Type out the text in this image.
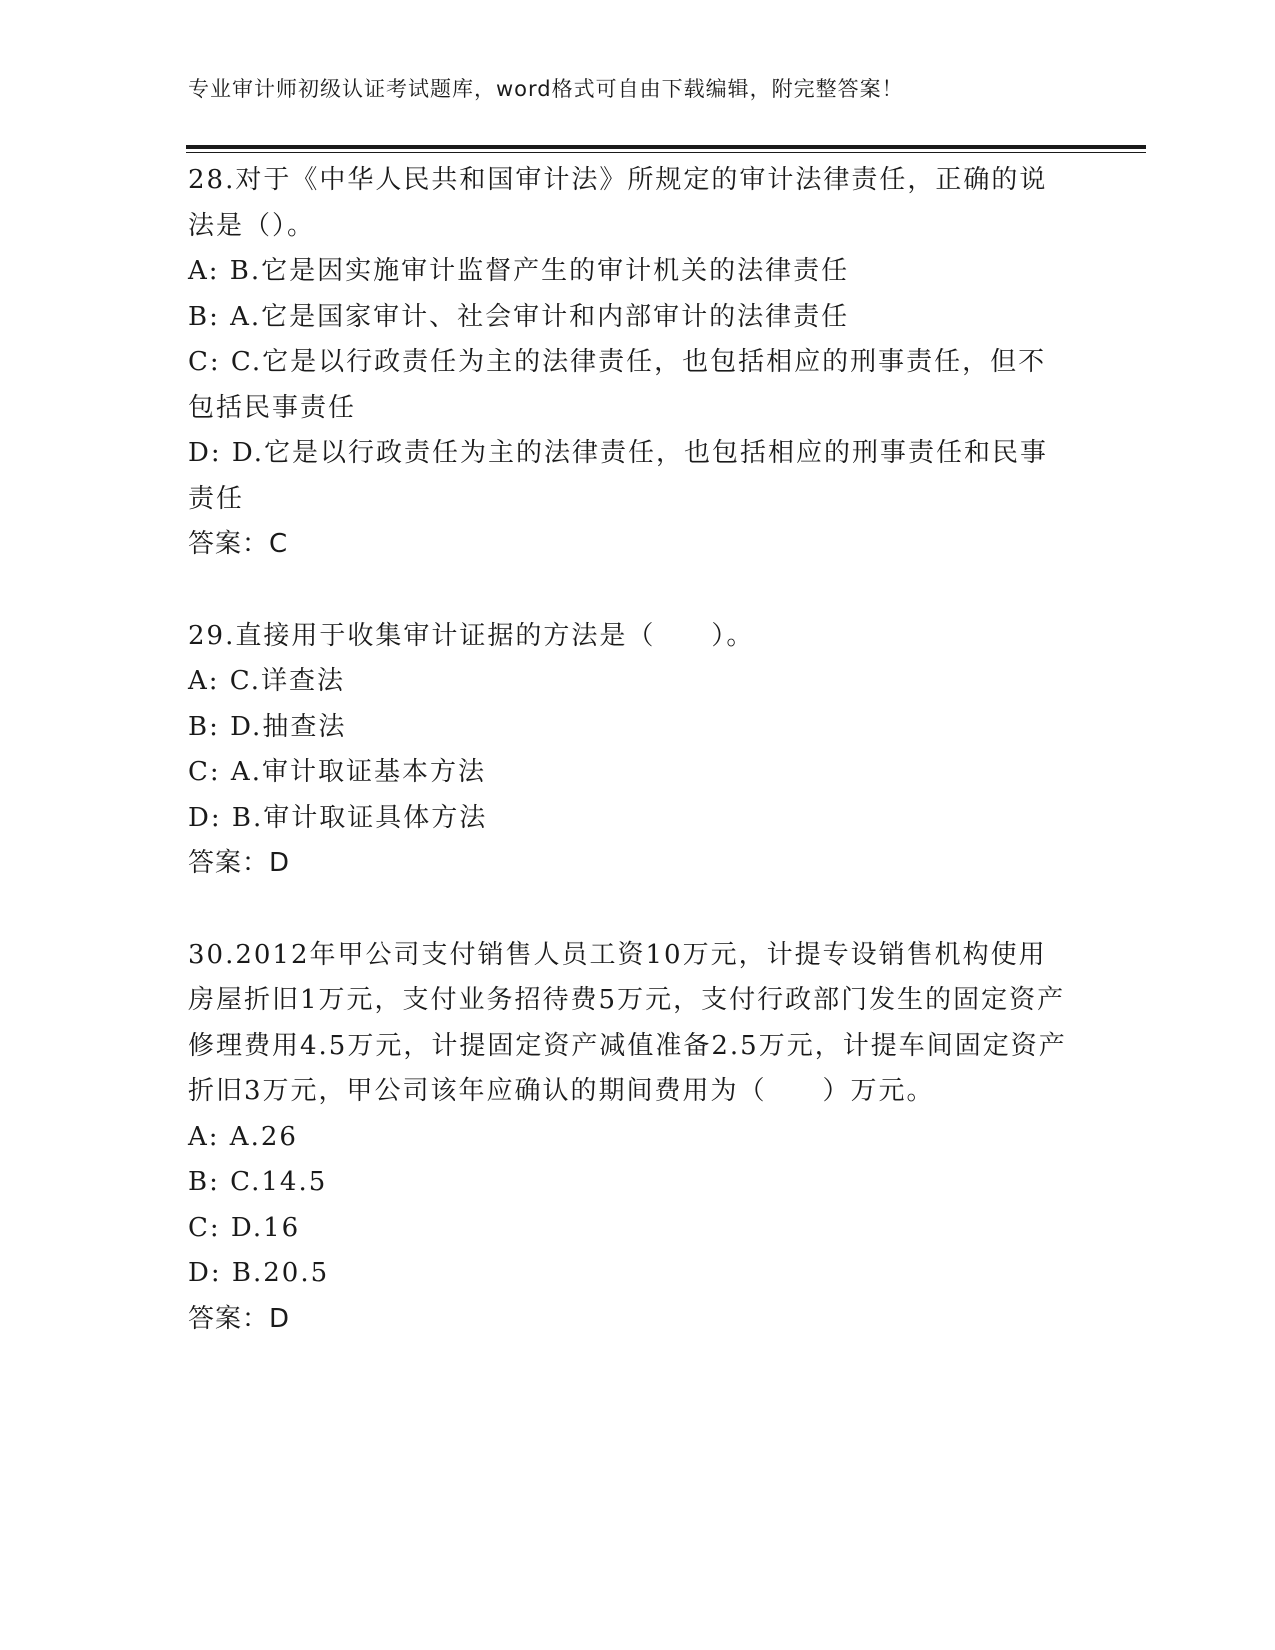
专业审计师初级认证考试题库，word格式可自由下载编辑，附完整答案！

28.对于《中华人民共和国审计法》所规定的审计法律责任，正确的说法是（）。

A: B.它是因实施审计监督产生的审计机关的法律责任

B: A.它是国家审计、社会审计和内部审计的法律责任

C: C.它是以行政责任为主的法律责任，也包括相应的刑事责任，但不包括民事责任

D: D.它是以行政责任为主的法律责任，也包括相应的刑事责任和民事责任

答案：C

29.直接用于收集审计证据的方法是（　　）。

A: C.详查法

B: D.抽查法

C: A.审计取证基本方法

D: B.审计取证具体方法

答案：D

30.2012年甲公司支付销售人员工资10万元，计提专设销售机构使用房屋折旧1万元，支付业务招待费5万元，支付行政部门发生的固定资产修理费用4.5万元，计提固定资产减值准备2.5万元，计提车间固定资产折旧3万元，甲公司该年应确认的期间费用为（　　）万元。

A: A.26

B: C.14.5

C: D.16

D: B.20.5

答案：D
